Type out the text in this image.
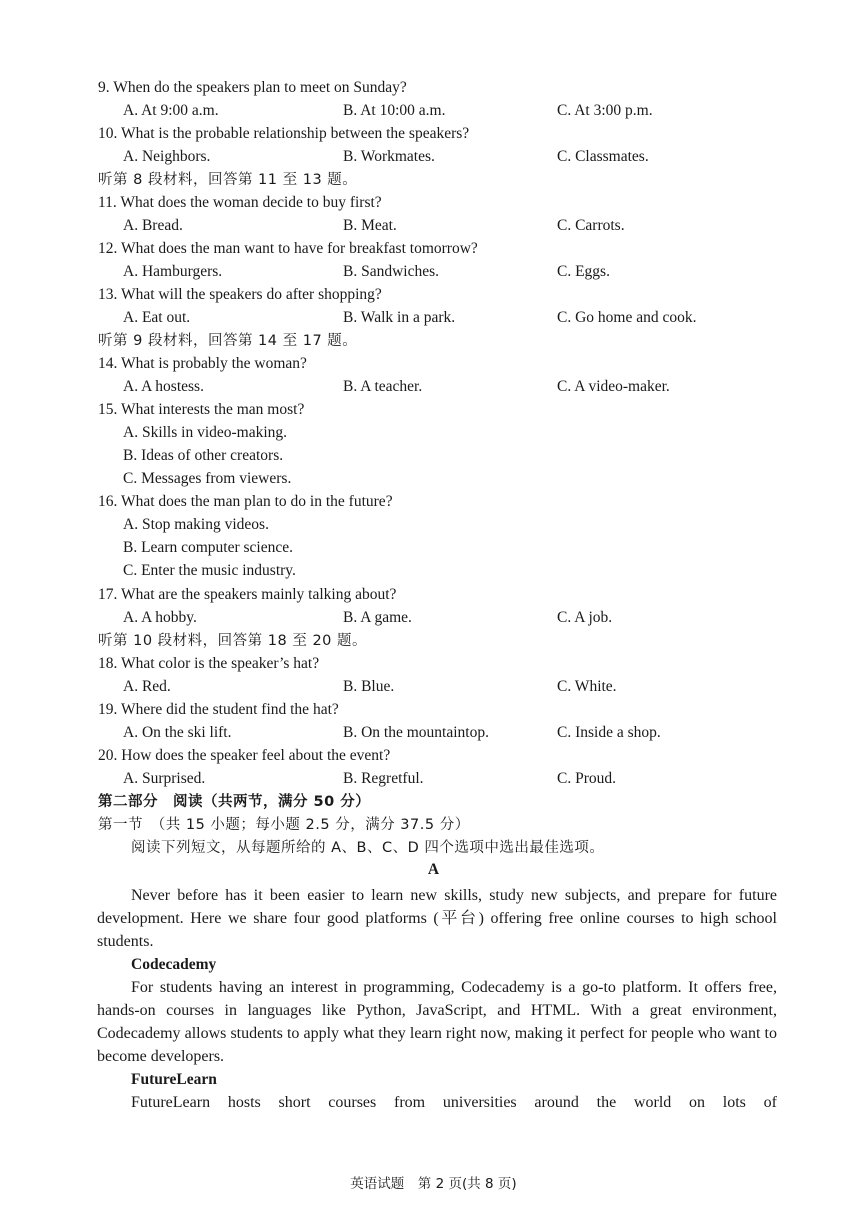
9. When do the speakers plan to meet on Sunday?
A. At 9:00 a.m.	B. At 10:00 a.m.	C. At 3:00 p.m.
10. What is the probable relationship between the speakers?
A. Neighbors.	B. Workmates.	C. Classmates.
听第 8 段材料，回答第 11 至 13 题。
11. What does the woman decide to buy first?
A. Bread.	B. Meat.	C. Carrots.
12. What does the man want to have for breakfast tomorrow?
A. Hamburgers.	B. Sandwiches.	C. Eggs.
13. What will the speakers do after shopping?
A. Eat out.	B. Walk in a park.	C. Go home and cook.
听第 9 段材料，回答第 14 至 17 题。
14. What is probably the woman?
A. A hostess.	B. A teacher.	C. A video-maker.
15. What interests the man most?
A. Skills in video-making.
B. Ideas of other creators.
C. Messages from viewers.
16. What does the man plan to do in the future?
A. Stop making videos.
B. Learn computer science.
C. Enter the music industry.
17. What are the speakers mainly talking about?
A. A hobby.	B. A game.	C. A job.
听第 10 段材料，回答第 18 至 20 题。
18. What color is the speaker’s hat?
A. Red.	B. Blue.	C. White.
19. Where did the student find the hat?
A. On the ski lift.	B. On the mountaintop.	C. Inside a shop.
20. How does the speaker feel about the event?
A. Surprised.	B. Regretful.	C. Proud.
第二部分　阅读（共两节，满分 50 分）
第一节　（共 15 小题；每小题 2.5 分，满分 37.5 分）
阅读下列短文，从每题所给的 A、B、C、D 四个选项中选出最佳选项。
A
Never before has it been easier to learn new skills, study new subjects, and prepare for future development. Here we share four good platforms (平台) offering free online courses to high school students.
Codecademy
For students having an interest in programming, Codecademy is a go-to platform. It offers free, hands-on courses in languages like Python, JavaScript, and HTML. With a great environment, Codecademy allows students to apply what they learn right now, making it perfect for people who want to become developers.
FutureLearn
FutureLearn hosts short courses from universities around the world on lots of
英语试题　第 2 页(共 8 页)
